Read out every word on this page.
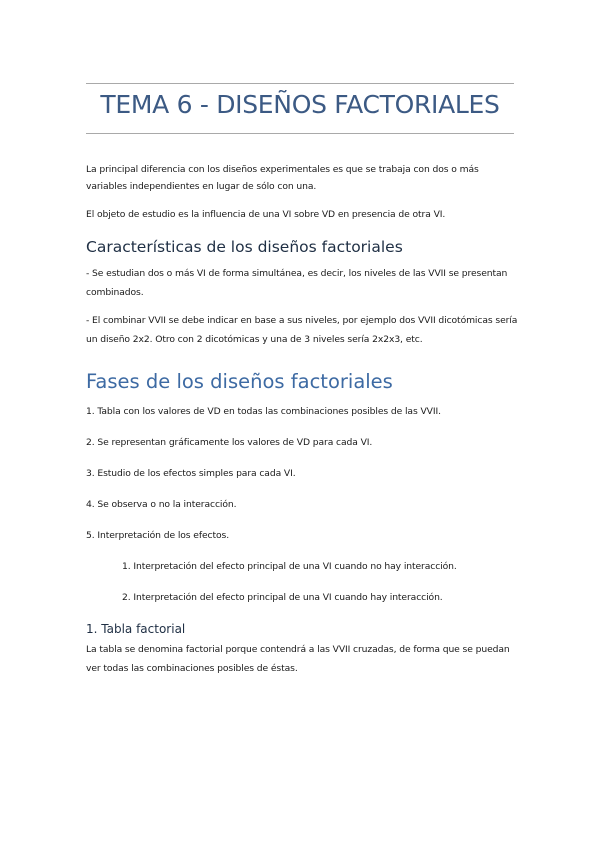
TEMA 6 - DISEÑOS FACTORIALES

La principal diferencia con los diseños experimentales es que se trabaja con dos o más

variables independientes en lugar de sólo con una.

El objeto de estudio es la influencia de una VI sobre VD en presencia de otra VI.

Características de los diseños factoriales

- Se estudian dos o más VI de forma simultánea, es decir, los niveles de las VVII se presentan

combinados.

- El combinar VVII se debe indicar en base a sus niveles, por ejemplo dos VVII dicotómicas sería

un diseño 2x2. Otro con 2 dicotómicas y una de 3 niveles sería 2x2x3, etc.

Fases de los diseños factoriales

1. Tabla con los valores de VD en todas las combinaciones posibles de las VVII.

2. Se representan gráficamente los valores de VD para cada VI.

3. Estudio de los efectos simples para cada VI.

4. Se observa o no la interacción.

5. Interpretación de los efectos.

1. Interpretación del efecto principal de una VI cuando no hay interacción.

2. Interpretación del efecto principal de una VI cuando hay interacción.

1. Tabla factorial

La tabla se denomina factorial porque contendrá a las VVII cruzadas, de forma que se puedan

ver todas las combinaciones posibles de éstas.
